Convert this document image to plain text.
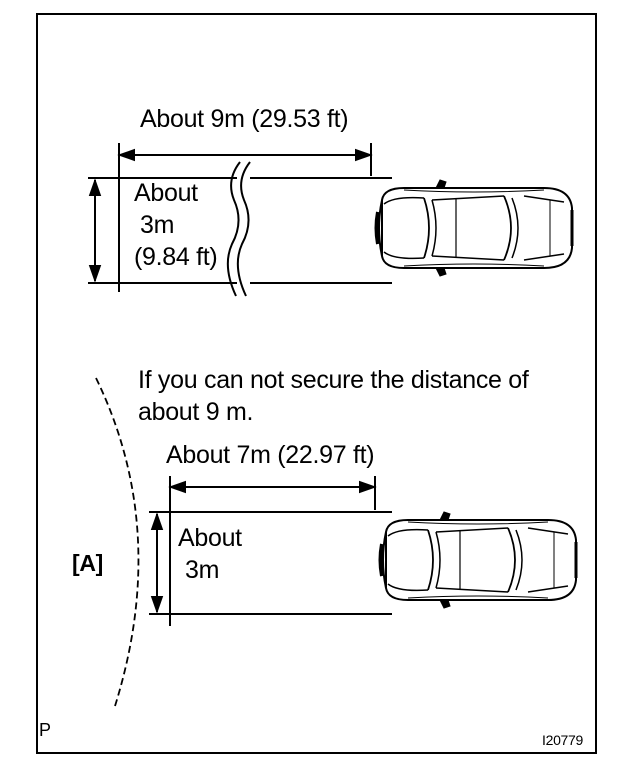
About 9m (29.53 ft)
About
3m
(9.84 ft)
If you can not secure the distance of
about 9 m.
About 7m (22.97 ft)
About
3m
[A]
P	I20779
